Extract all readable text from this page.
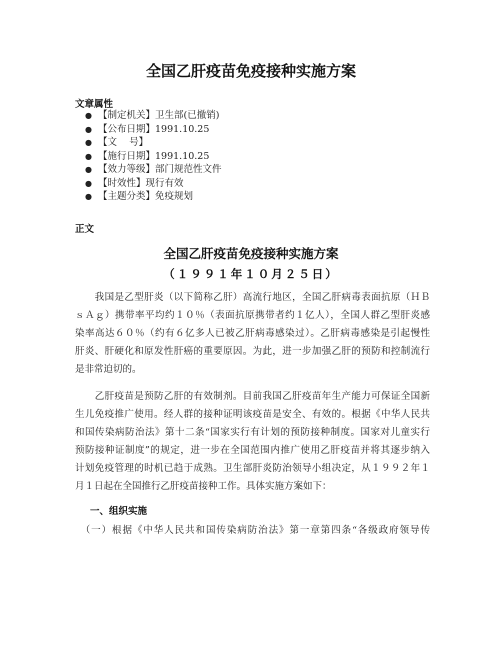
全国乙肝疫苗免疫接种实施方案
文章属性
● 【制定机关】卫生部(已撤销)
● 【公布日期】1991.10.25
● 【文    号】
● 【施行日期】1991.10.25
● 【效力等级】部门规范性文件
● 【时效性】现行有效
● 【主题分类】免疫规划
正文
全国乙肝疫苗免疫接种实施方案
（１９９１年１０月２５日）
　　我国是乙型肝炎（以下简称乙肝）高流行地区，全国乙肝病毒表面抗原（ＨＢ
ｓＡｇ）携带率平均约１０％（表面抗原携带者约１亿人），全国人群乙型肝炎感
染率高达６０％（约有６亿多人已被乙肝病毒感染过）。乙肝病毒感染是引起慢性
肝炎、肝硬化和原发性肝癌的重要原因。为此，进一步加强乙肝的预防和控制流行
是非常迫切的。
　　乙肝疫苗是预防乙肝的有效制剂。目前我国乙肝疫苗年生产能力可保证全国新
生儿免疫推广使用。经人群的接种证明该疫苗是安全、有效的。根据《中华人民共
和国传染病防治法》第十二条“国家实行有计划的预防接种制度。国家对儿童实行
预防接种证制度”的规定，进一步在全国范围内推广使用乙肝疫苗并将其逐步纳入
计划免疫管理的时机已趋于成熟。卫生部肝炎防治领导小组决定，从１９９２年１
月１日起在全国推行乙肝疫苗接种工作。具体实施方案如下：
一、组织实施
　（一）根据《中华人民共和国传染病防治法》第一章第四条“各级政府领导传
